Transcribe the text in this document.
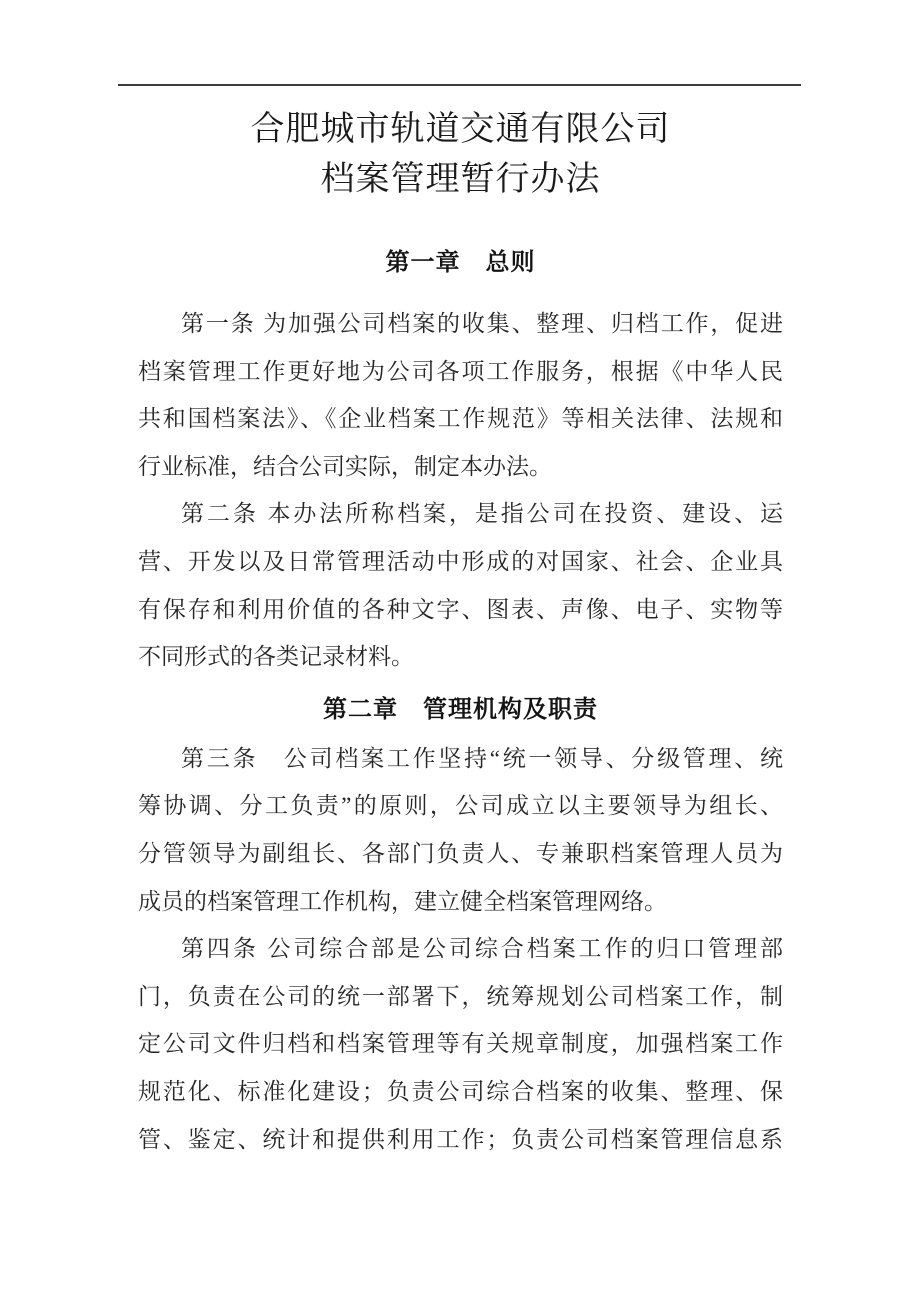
合肥城市轨道交通有限公司
档案管理暂行办法
第一章　总则
第一条 为加强公司档案的收集、整理、归档工作，促进
档案管理工作更好地为公司各项工作服务，根据《中华人民
共和国档案法》、《企业档案工作规范》等相关法律、法规和
行业标准，结合公司实际，制定本办法。
第二条 本办法所称档案，是指公司在投资、建设、运
营、开发以及日常管理活动中形成的对国家、社会、企业具
有保存和利用价值的各种文字、图表、声像、电子、实物等
不同形式的各类记录材料。
第二章　管理机构及职责
第三条　公司档案工作坚持“统一领导、分级管理、统
筹协调、分工负责”的原则，公司成立以主要领导为组长、
分管领导为副组长、各部门负责人、专兼职档案管理人员为
成员的档案管理工作机构，建立健全档案管理网络。
第四条 公司综合部是公司综合档案工作的归口管理部
门，负责在公司的统一部署下，统筹规划公司档案工作，制
定公司文件归档和档案管理等有关规章制度，加强档案工作
规范化、标准化建设；负责公司综合档案的收集、整理、保
管、鉴定、统计和提供利用工作；负责公司档案管理信息系
